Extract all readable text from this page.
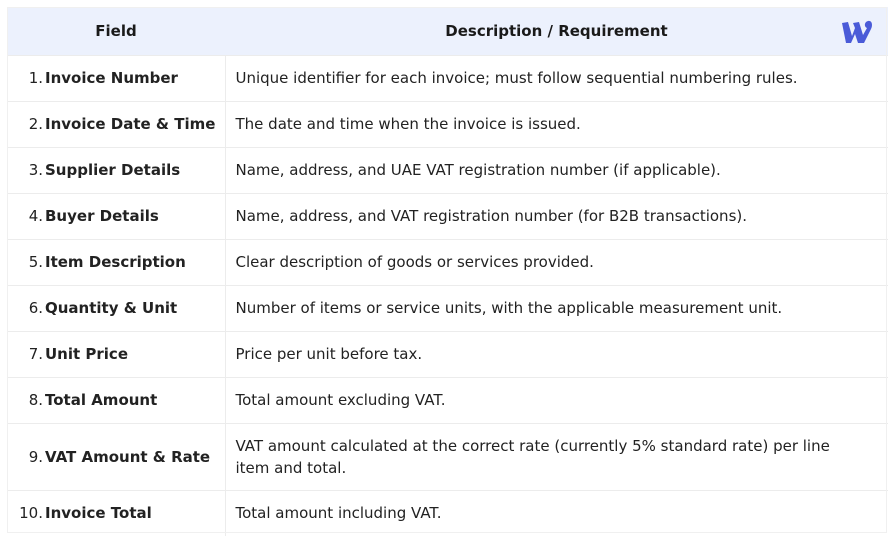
Field	Description / Requirement
1. Invoice Number	Unique identifier for each invoice; must follow sequential numbering rules.
2. Invoice Date & Time	The date and time when the invoice is issued.
3. Supplier Details	Name, address, and UAE VAT registration number (if applicable).
4. Buyer Details	Name, address, and VAT registration number (for B2B transactions).
5. Item Description	Clear description of goods or services provided.
6. Quantity & Unit	Number of items or service units, with the applicable measurement unit.
7. Unit Price	Price per unit before tax.
8. Total Amount	Total amount excluding VAT.
9. VAT Amount & Rate	VAT amount calculated at the correct rate (currently 5% standard rate) per line item and total.
10. Invoice Total	Total amount including VAT.
